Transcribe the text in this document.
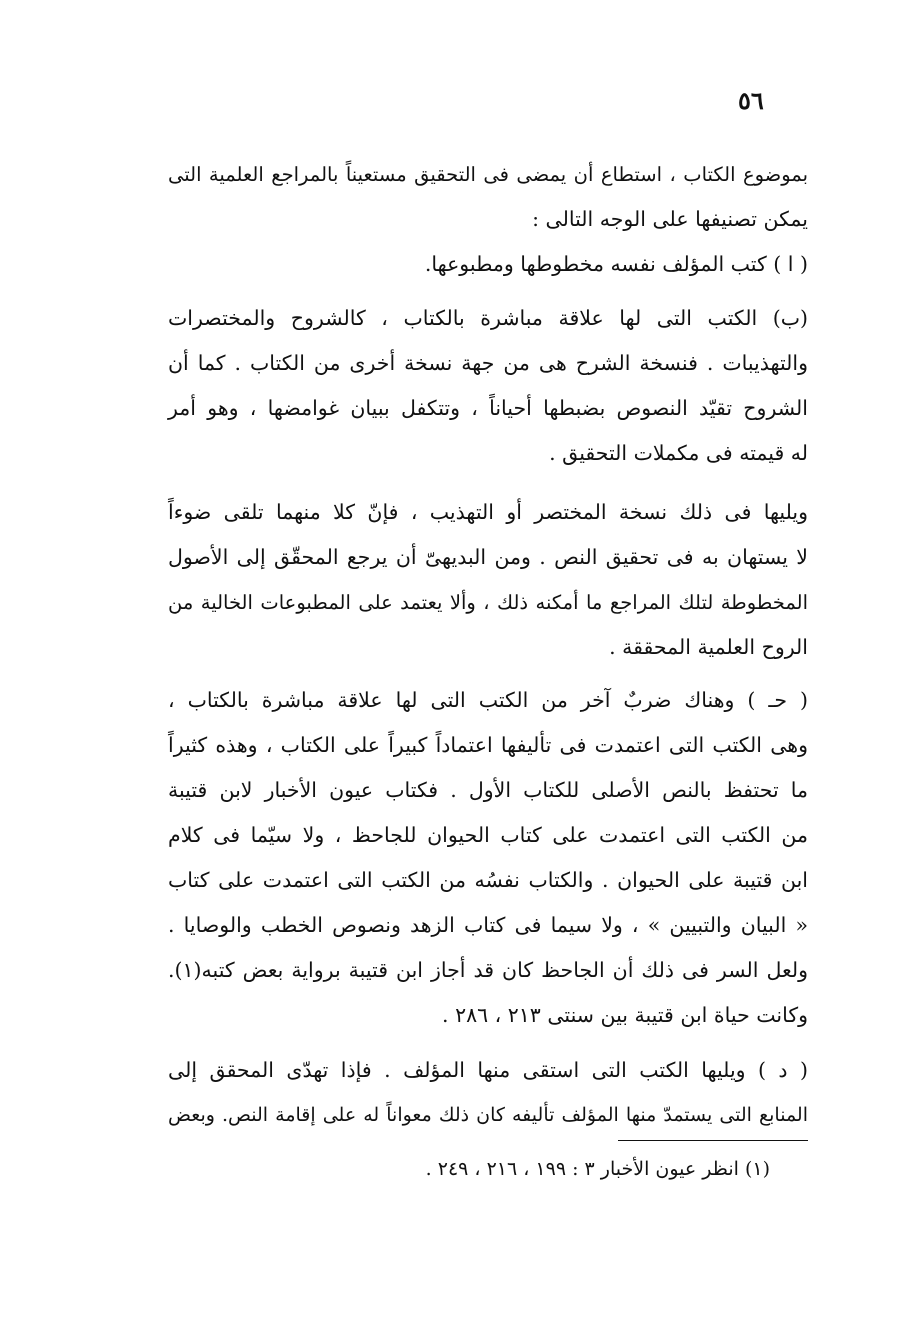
٥٦
بموضوع الكتاب ، استطاع أن يمضى فى التحقيق مستعيناً بالمراجع العلمية التى
يمكن تصنيفها على الوجه التالى :
( ا ) كتب المؤلف نفسه مخطوطها ومطبوعها.
(ب) الكتب التى لها علاقة مباشرة بالكتاب ، كالشروح والمختصرات
والتهذيبات . فنسخة الشرح هى من جهة نسخة أخرى من الكتاب . كما أن
الشروح تقيّد النصوص بضبطها أحياناً ، وتتكفل ببيان غوامضها ، وهو أمر
له قيمته فى مكملات التحقيق .
ويليها فى ذلك نسخة المختصر أو التهذيب ، فإنّ كلا منهما تلقى ضوءاً
لا يستهان به فى تحقيق النص . ومن البديهىّ أن يرجع المحقّق إلى الأصول
المخطوطة لتلك المراجع ما أمكنه ذلك ، وألا يعتمد على المطبوعات الخالية من
الروح العلمية المحققة .
( حـ ) وهناك ضربٌ آخر من الكتب التى لها علاقة مباشرة بالكتاب ،
وهى الكتب التى اعتمدت فى تأليفها اعتماداً كبيراً على الكتاب ، وهذه كثيراً
ما تحتفظ بالنص الأصلى للكتاب الأول . فكتاب عيون الأخبار لابن قتيبة
من الكتب التى اعتمدت على كتاب الحيوان للجاحظ ، ولا سيّما فى كلام
ابن قتيبة على الحيوان . والكتاب نفسُه من الكتب التى اعتمدت على كتاب
« البيان والتبيين » ، ولا سيما فى كتاب الزهد ونصوص الخطب والوصايا .
ولعل السر فى ذلك أن الجاحظ كان قد أجاز ابن قتيبة برواية بعض كتبه(١).
وكانت حياة ابن قتيبة بين سنتى ٢١٣ ، ٢٨٦ .
( د ) ويليها الكتب التى استقى منها المؤلف . فإذا تهدّى المحقق إلى
المنابع التى يستمدّ منها المؤلف تأليفه كان ذلك معواناً له على إقامة النص. وبعض
(١) انظر عيون الأخبار ٣ : ١٩٩ ، ٢١٦ ، ٢٤٩ .
